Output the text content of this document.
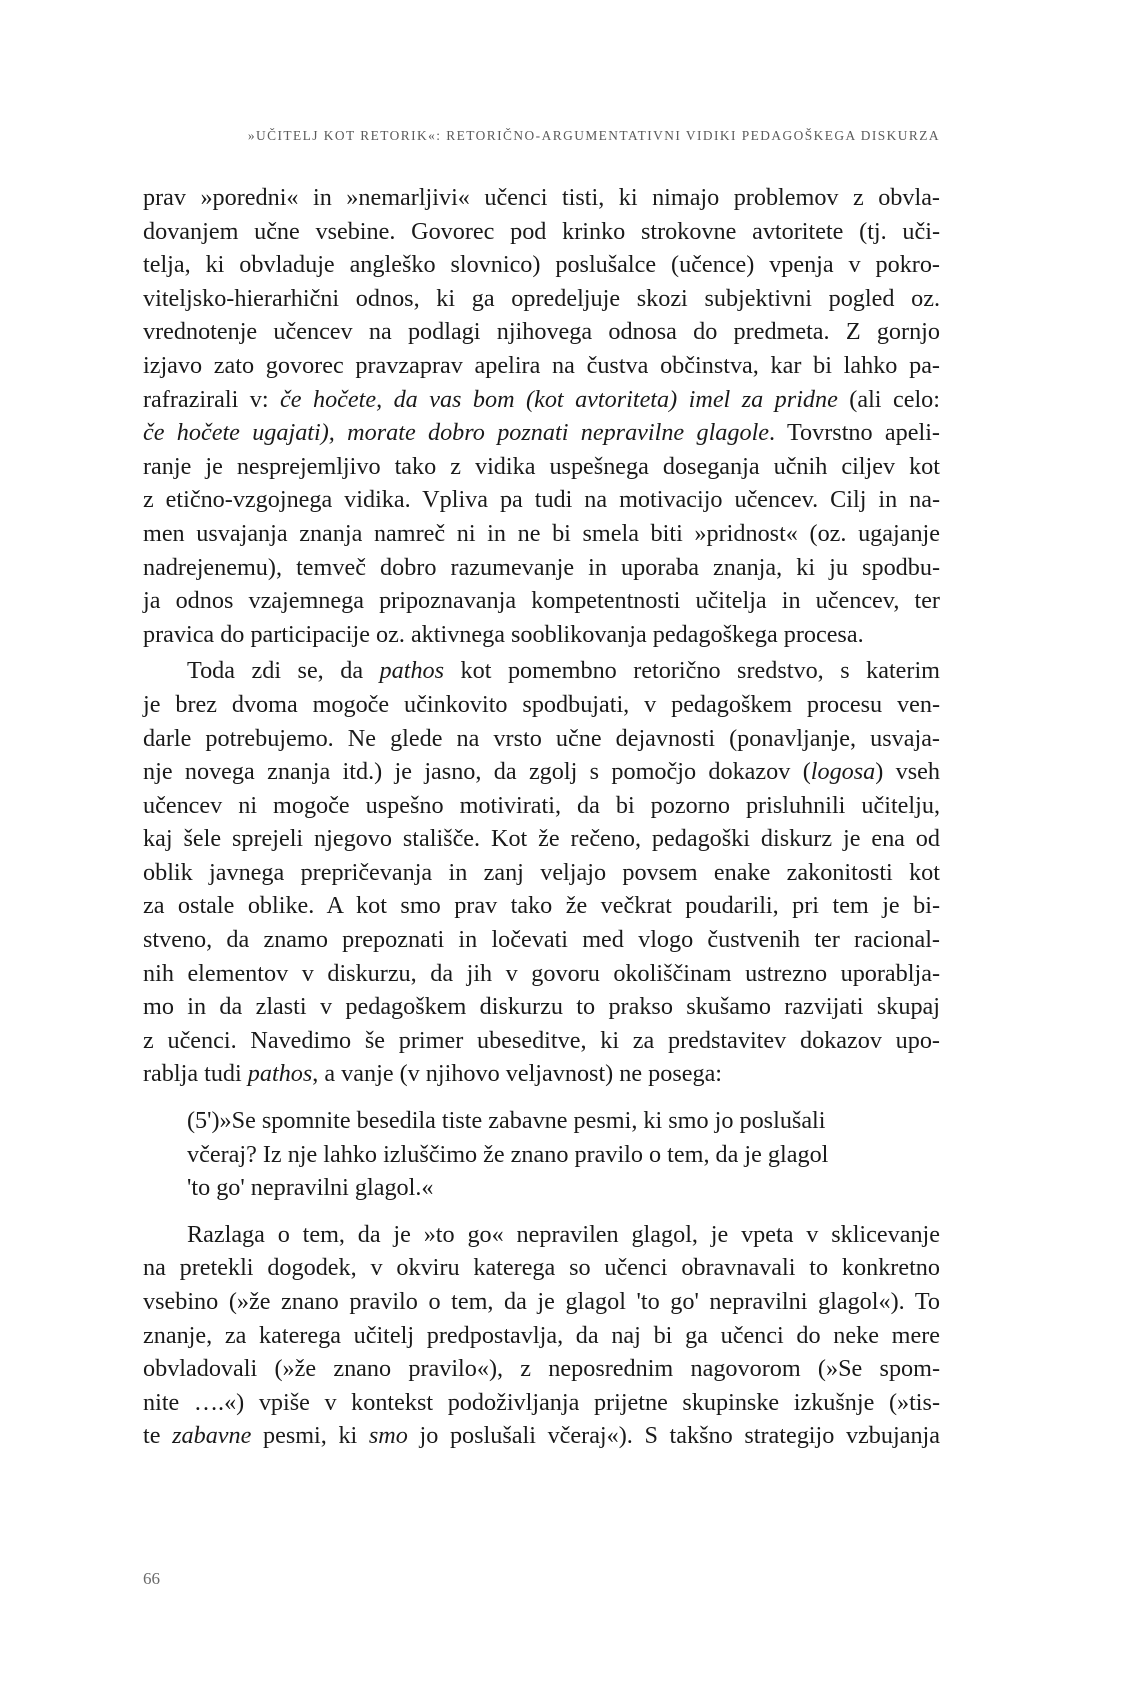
»UČITELJ KOT RETORIK«: RETORIČNO-ARGUMENTATIVNI VIDIKI PEDAGOŠKEGA DISKURZA
prav »poredni« in »nemarljivi« učenci tisti, ki nimajo problemov z obvla-
dovanjem učne vsebine. Govorec pod krinko strokovne avtoritete (tj. uči-
telja, ki obvladuje angleško slovnico) poslušalce (učence) vpenja v pokro-
viteljsko-hierarhični odnos, ki ga opredeljuje skozi subjektivni pogled oz.
vrednotenje učencev na podlagi njihovega odnosa do predmeta. Z gornjo
izjavo zato govorec pravzaprav apelira na čustva občinstva, kar bi lahko pa-
rafrazirali v: če hočete, da vas bom (kot avtoriteta) imel za pridne (ali celo:
če hočete ugajati), morate dobro poznati nepravilne glagole. Tovrstno apeli-
ranje je nesprejemljivo tako z vidika uspešnega doseganja učnih ciljev kot
z etično-vzgojnega vidika. Vpliva pa tudi na motivacijo učencev. Cilj in na-
men usvajanja znanja namreč ni in ne bi smela biti »pridnost« (oz. ugajanje
nadrejenemu), temveč dobro razumevanje in uporaba znanja, ki ju spodbu-
ja odnos vzajemnega pripoznavanja kompetentnosti učitelja in učencev, ter
pravica do participacije oz. aktivnega sooblikovanja pedagoškega procesa.
Toda zdi se, da pathos kot pomembno retorično sredstvo, s katerim
je brez dvoma mogoče učinkovito spodbujati, v pedagoškem procesu ven-
darle potrebujemo. Ne glede na vrsto učne dejavnosti (ponavljanje, usvaja-
nje novega znanja itd.) je jasno, da zgolj s pomočjo dokazov (logosa) vseh
učencev ni mogoče uspešno motivirati, da bi pozorno prisluhnili učitelju,
kaj šele sprejeli njegovo stališče. Kot že rečeno, pedagoški diskurz je ena od
oblik javnega prepričevanja in zanj veljajo povsem enake zakonitosti kot
za ostale oblike. A kot smo prav tako že večkrat poudarili, pri tem je bi-
stveno, da znamo prepoznati in ločevati med vlogo čustvenih ter racional-
nih elementov v diskurzu, da jih v govoru okoliščinam ustrezno uporablja-
mo in da zlasti v pedagoškem diskurzu to prakso skušamo razvijati skupaj
z učenci. Navedimo še primer ubeseditve, ki za predstavitev dokazov upo-
rablja tudi pathos, a vanje (v njihovo veljavnost) ne posega:
(5')»Se spomnite besedila tiste zabavne pesmi, ki smo jo poslušali
včeraj? Iz nje lahko izluščimo že znano pravilo o tem, da je glagol
'to go' nepravilni glagol.«
Razlaga o tem, da je »to go« nepravilen glagol, je vpeta v sklicevanje
na pretekli dogodek, v okviru katerega so učenci obravnavali to konkretno
vsebino (»že znano pravilo o tem, da je glagol 'to go' nepravilni glagol«). To
znanje, za katerega učitelj predpostavlja, da naj bi ga učenci do neke mere
obvladovali (»že znano pravilo«), z neposrednim nagovorom (»Se spom-
nite ….«) vpiše v kontekst podoživljanja prijetne skupinske izkušnje (»tis-
te zabavne pesmi, ki smo jo poslušali včeraj«). S takšno strategijo vzbujanja
66
